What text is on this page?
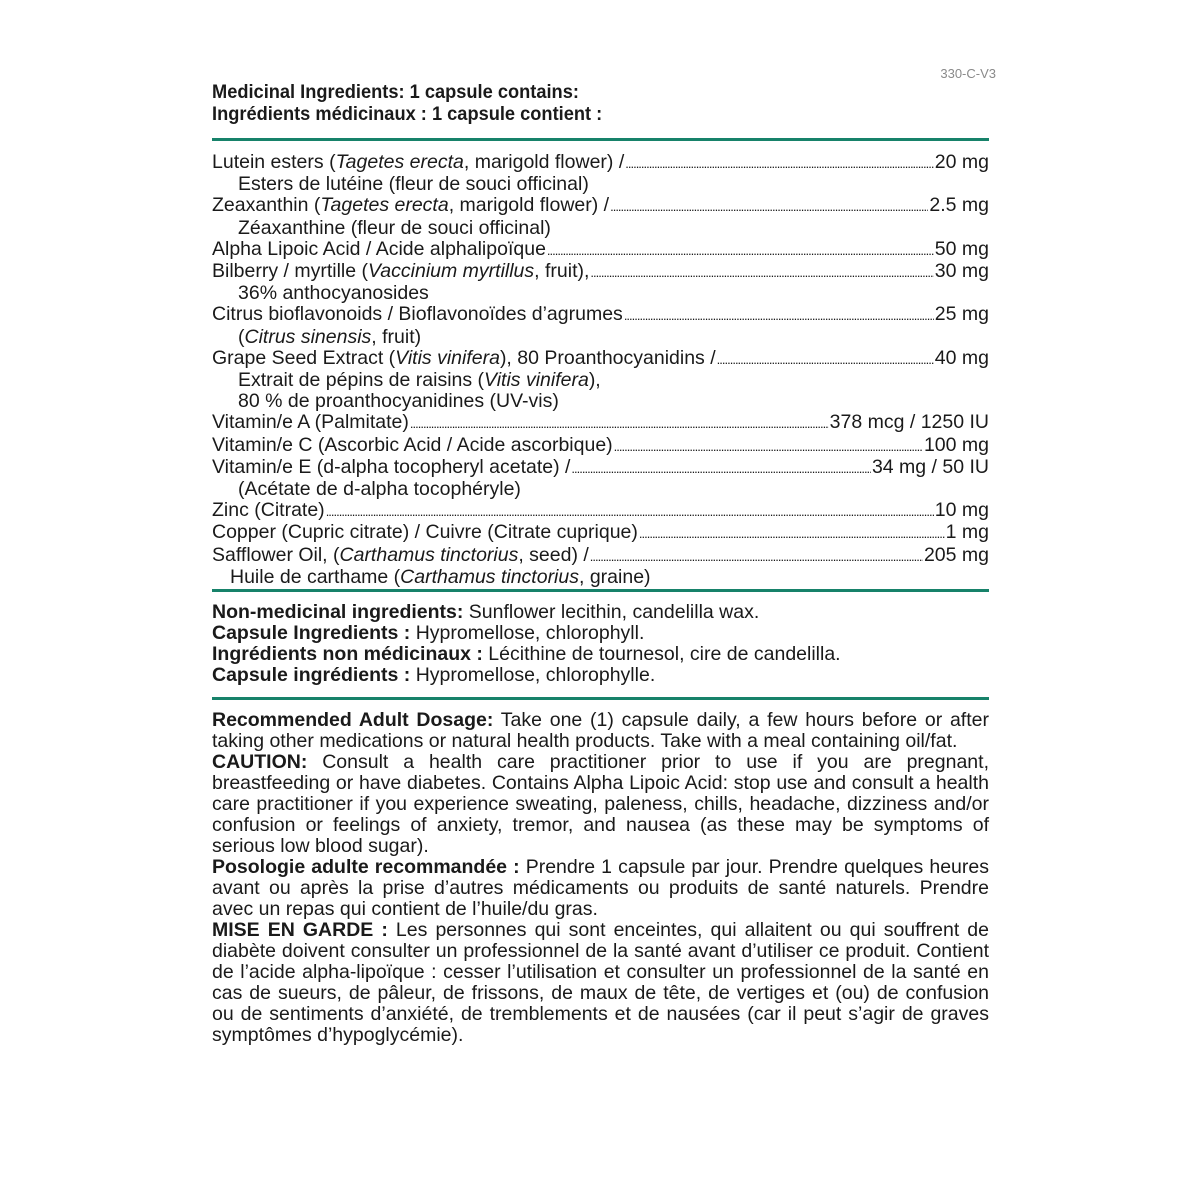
330-C-V3
Medicinal Ingredients: 1 capsule contains:
Ingrédients médicinaux : 1 capsule contient :
Lutein esters (Tagetes erecta, marigold flower) / .....	20 mg
Esters de lutéine (fleur de souci officinal)
Zeaxanthin (Tagetes erecta, marigold flower) / .....	2.5 mg
Zéaxanthine (fleur de souci officinal)
Alpha Lipoic Acid / Acide alphalipoïque .....	50 mg
Bilberry / myrtille (Vaccinium myrtillus, fruit), .....	30 mg
36% anthocyanosides
Citrus bioflavonoids / Bioflavonoïdes d’agrumes .....	25 mg
(Citrus sinensis, fruit)
Grape Seed Extract (Vitis vinifera), 80 Proanthocyanidins / .....	40 mg
Extrait de pépins de raisins (Vitis vinifera),
80 % de proanthocyanidines (UV-vis)
Vitamin/e A (Palmitate) .....	378 mcg / 1250 IU
Vitamin/e C (Ascorbic Acid / Acide ascorbique) .....	100 mg
Vitamin/e E (d-alpha tocopheryl acetate) / .....	34 mg / 50 IU
(Acétate de d-alpha tocophéryle)
Zinc (Citrate) .....	10 mg
Copper (Cupric citrate) / Cuivre (Citrate cuprique) .....	1 mg
Safflower Oil, (Carthamus tinctorius, seed) / .....	205 mg
Huile de carthame (Carthamus tinctorius, graine)
Non-medicinal ingredients: Sunflower lecithin, candelilla wax.
Capsule Ingredients : Hypromellose, chlorophyll.
Ingrédients non médicinaux : Lécithine de tournesol, cire de candelilla.
Capsule ingrédients : Hypromellose, chlorophylle.

Recommended Adult Dosage: Take one (1) capsule daily, a few hours before or after taking other medications or natural health products. Take with a meal containing oil/fat.

CAUTION: Consult a health care practitioner prior to use if you are pregnant, breastfeeding or have diabetes. Contains Alpha Lipoic Acid: stop use and consult a health care practitioner if you experience sweating, paleness, chills, headache, dizziness and/or confusion or feelings of anxiety, tremor, and nausea (as these may be symptoms of serious low blood sugar).

Posologie adulte recommandée : Prendre 1 capsule par jour. Prendre quelques heures avant ou après la prise d’autres médicaments ou produits de santé naturels. Prendre avec un repas qui contient de l’huile/du gras.

MISE EN GARDE : Les personnes qui sont enceintes, qui allaitent ou qui souffrent de diabète doivent consulter un professionnel de la santé avant d’utiliser ce produit. Contient de l’acide alpha-lipoïque : cesser l’utilisation et consulter un professionnel de la santé en cas de sueurs, de pâleur, de frissons, de maux de tête, de vertiges et (ou) de confusion ou de sentiments d’anxiété, de tremblements et de nausées (car il peut s’agir de graves symptômes d’hypoglycémie).
